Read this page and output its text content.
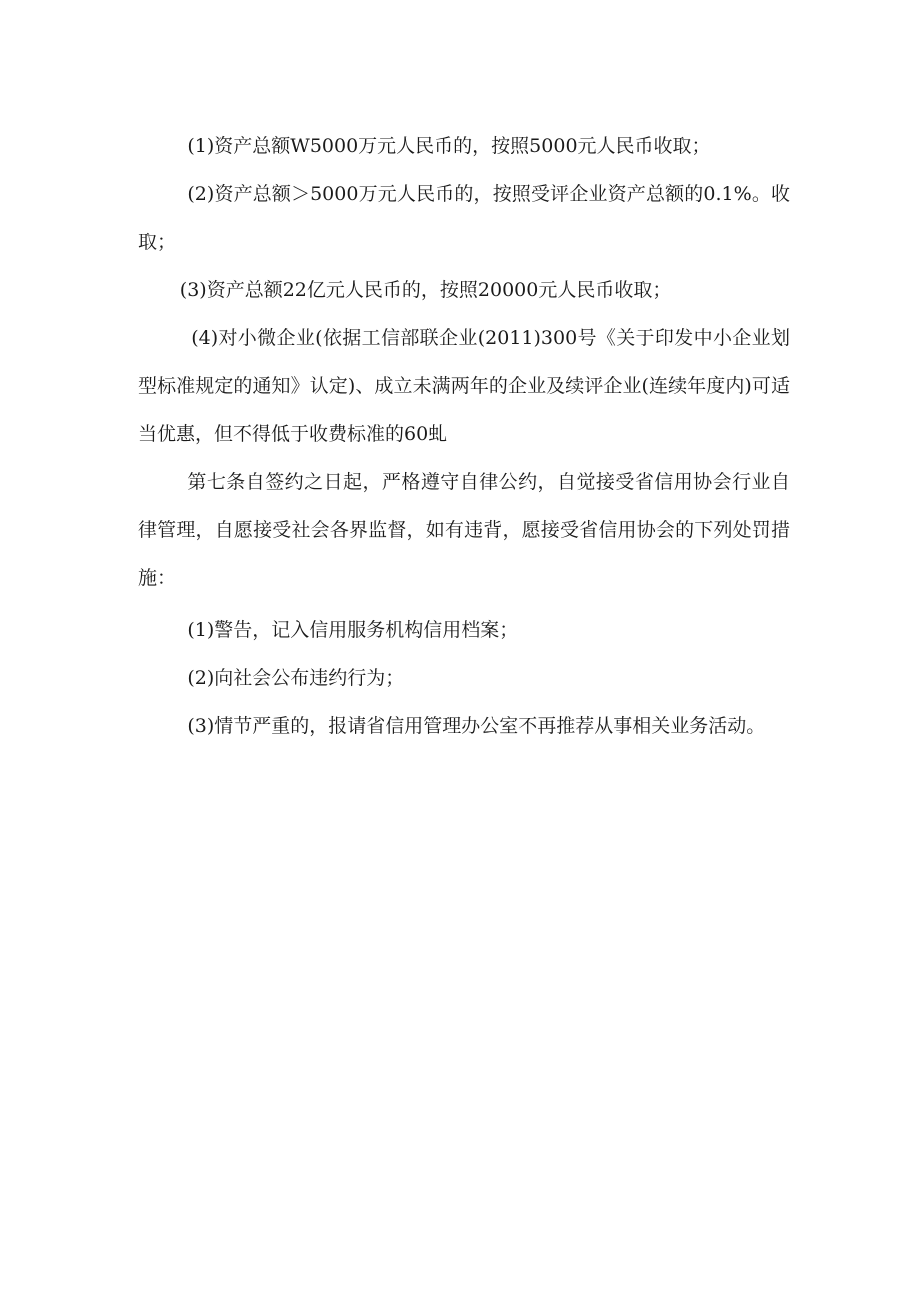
(1)资产总额W5000万元人民币的，按照5000元人民币收取；

(2)资产总额＞5000万元人民币的，按照受评企业资产总额的0.1%。收取；

(3)资产总额22亿元人民币的，按照20000元人民币收取；

(4)对小微企业(依据工信部联企业(2011)300号《关于印发中小企业划型标准规定的通知》认定)、成立未满两年的企业及续评企业(连续年度内)可适当优惠，但不得低于收费标准的60虬

第七条自签约之日起，严格遵守自律公约，自觉接受省信用协会行业自律管理，自愿接受社会各界监督，如有违背，愿接受省信用协会的下列处罚措施：

(1)警告，记入信用服务机构信用档案；

(2)向社会公布违约行为；

(3)情节严重的，报请省信用管理办公室不再推荐从事相关业务活动。
